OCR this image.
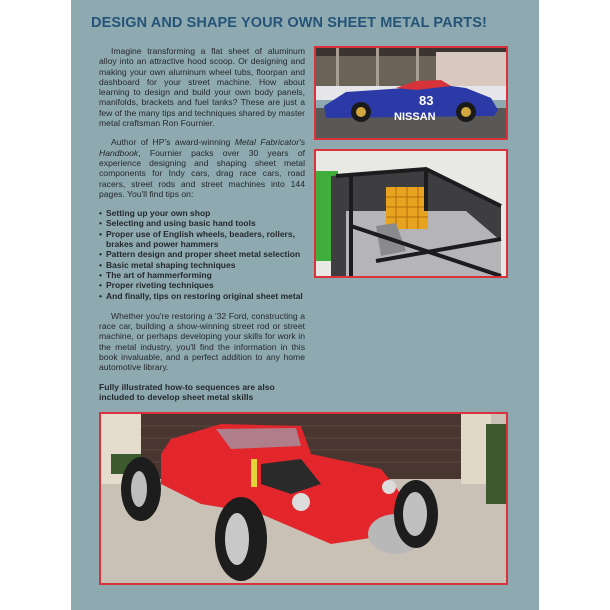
DESIGN AND SHAPE YOUR OWN SHEET METAL PARTS!

Imagine transforming a flat sheet of aluminum alloy into an attractive hood scoop. Or designing and making your own aluminum wheel tubs, floorpan and dashboard for your street machine. How about learning to design and build your own body panels, manifolds, brackets and fuel tanks? These are just a few of the many tips and techniques shared by master metal craftsman Ron Fournier.

Author of HP's award-winning Metal Fabricator's Handbook, Fournier packs over 30 years of experience designing and shaping sheet metal components for Indy cars, drag race cars, road racers, street rods and street machines into 144 pages. You'll find tips on:

• Setting up your own shop
• Selecting and using basic hand tools
• Proper use of English wheels, beaders, rollers, brakes and power hammers
• Pattern design and proper sheet metal selection
• Basic metal shaping techniques
• The art of hammerforming
• Proper riveting techniques
• And finally, tips on restoring original sheet metal

Whether you're restoring a '32 Ford, constructing a race car, building a show-winning street rod or street machine, or perhaps developing your skills for work in the metal industry, you'll find the information in this book invaluable, and a perfect addition to any home automotive library.

Fully illustrated how-to sequences are also included to develop sheet metal skills

83
NISSAN
